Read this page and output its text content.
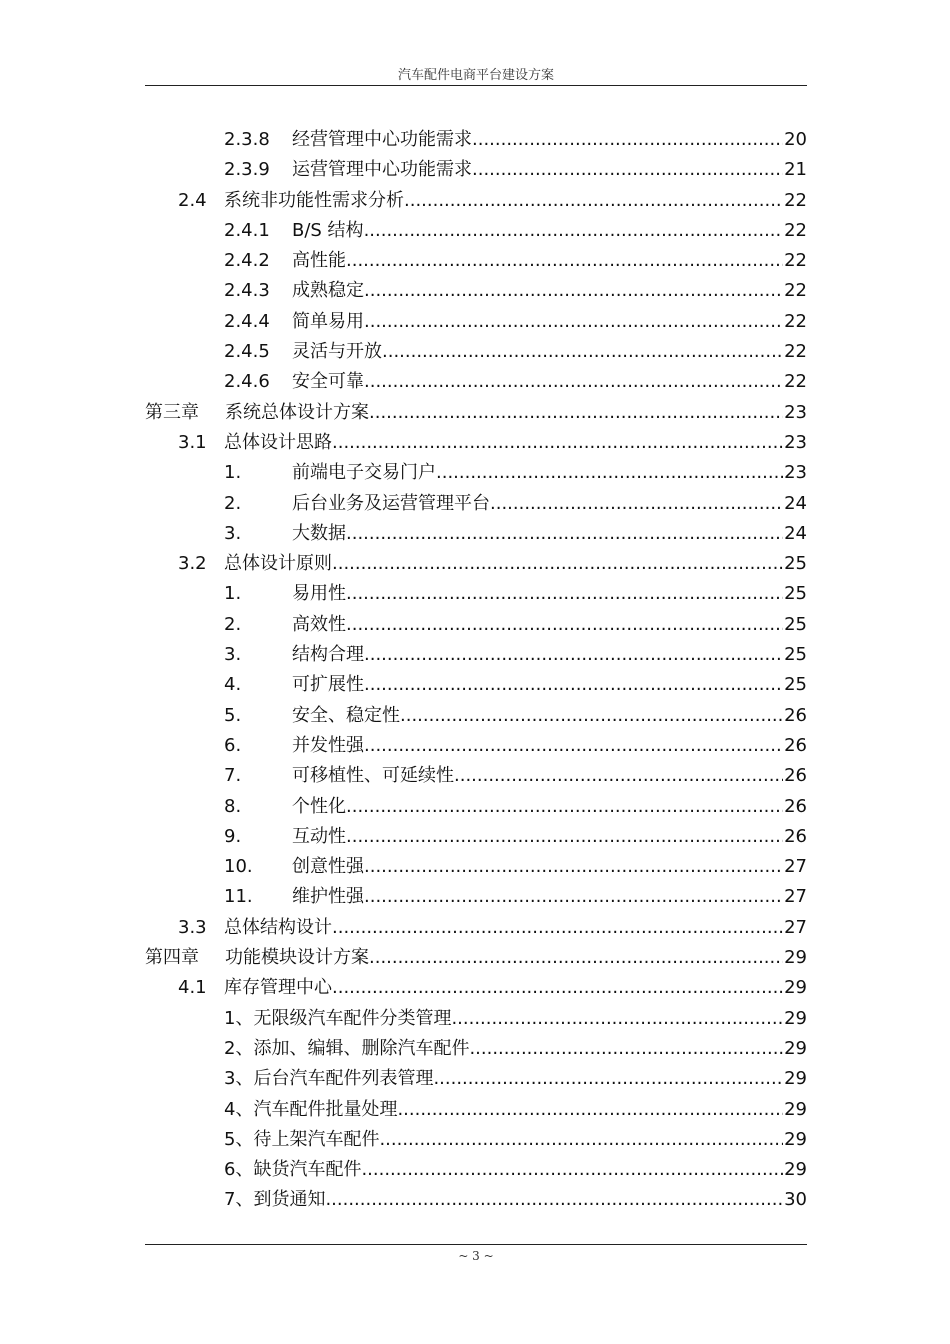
汽车配件电商平台建设方案
2.3.8	经营管理中心功能需求 .....	20
2.3.9	运营管理中心功能需求 .....	21
2.4 系统非功能性需求分析 .....	22
2.4.1	B/S 结构 .....	22
2.4.2	高性能 .....	22
2.4.3	成熟稳定 .....	22
2.4.4	简单易用 .....	22
2.4.5	灵活与开放 .....	22
2.4.6	安全可靠 .....	22
第三章	系统总体设计方案 .....	23
3.1 总体设计思路 .....	23
1.	前端电子交易门户 .....	23
2.	后台业务及运营管理平台 .....	24
3.	大数据 .....	24
3.2 总体设计原则 .....	25
1.	易用性 .....	25
2.	高效性 .....	25
3.	结构合理 .....	25
4.	可扩展性 .....	25
5.	安全、稳定性 .....	26
6.	并发性强 .....	26
7.	可移植性、可延续性 .....	26
8.	个性化 .....	26
9.	互动性 .....	26
10.	创意性强 .....	27
11.	维护性强 .....	27
3.3 总体结构设计 .....	27
第四章	功能模块设计方案 .....	29
4.1 库存管理中心 .....	29
1、无限级汽车配件分类管理 .....	29
2、添加、编辑、删除汽车配件 .....	29
3、后台汽车配件列表管理 .....	29
4、汽车配件批量处理 .....	29
5、待上架汽车配件 .....	29
6、缺货汽车配件 .....	29
7、到货通知 .....	30
~ 3 ~
